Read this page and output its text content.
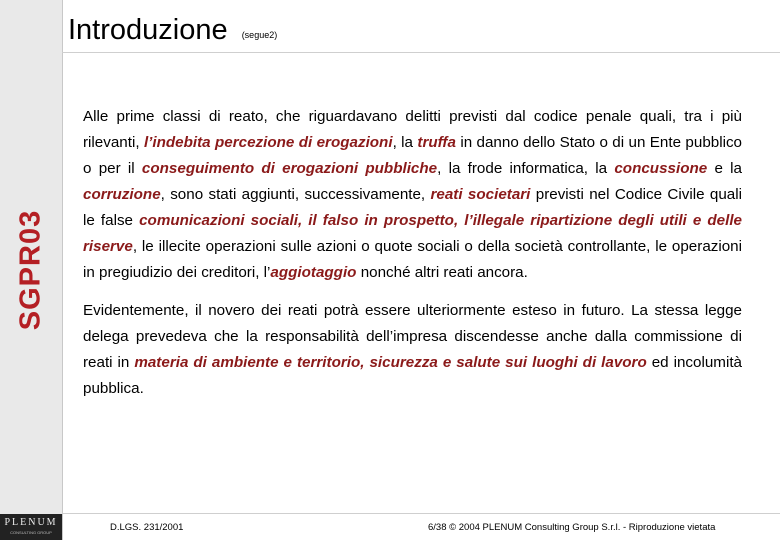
SGPR03
PLENUM
CONSULTING GROUP
Introduzione (segue2)

Alle prime classi di reato, che riguardavano delitti previsti dal codice penale quali, tra i più rilevanti, l’indebita percezione di erogazioni, la truffa in danno dello Stato o di un Ente pubblico o per il conseguimento di erogazioni pubbliche, la frode informatica, la concussione e la corruzione, sono stati aggiunti, successivamente, reati societari previsti nel Codice Civile quali le false comunicazioni sociali, il falso in prospetto, l’illegale ripartizione degli utili e delle riserve, le illecite operazioni sulle azioni o quote sociali o della società controllante, le operazioni in pregiudizio dei creditori, l’aggiotaggio nonché altri reati ancora.

Evidentemente, il novero dei reati potrà essere ulteriormente esteso in futuro. La stessa legge delega prevedeva che la responsabilità dell’impresa discendesse anche dalla commissione di reati in materia di ambiente e territorio, sicurezza e salute sui luoghi di lavoro ed incolumità pubblica.

D.LGS. 231/2001	6/38 © 2004 PLENUM Consulting Group S.r.l. - Riproduzione vietata
